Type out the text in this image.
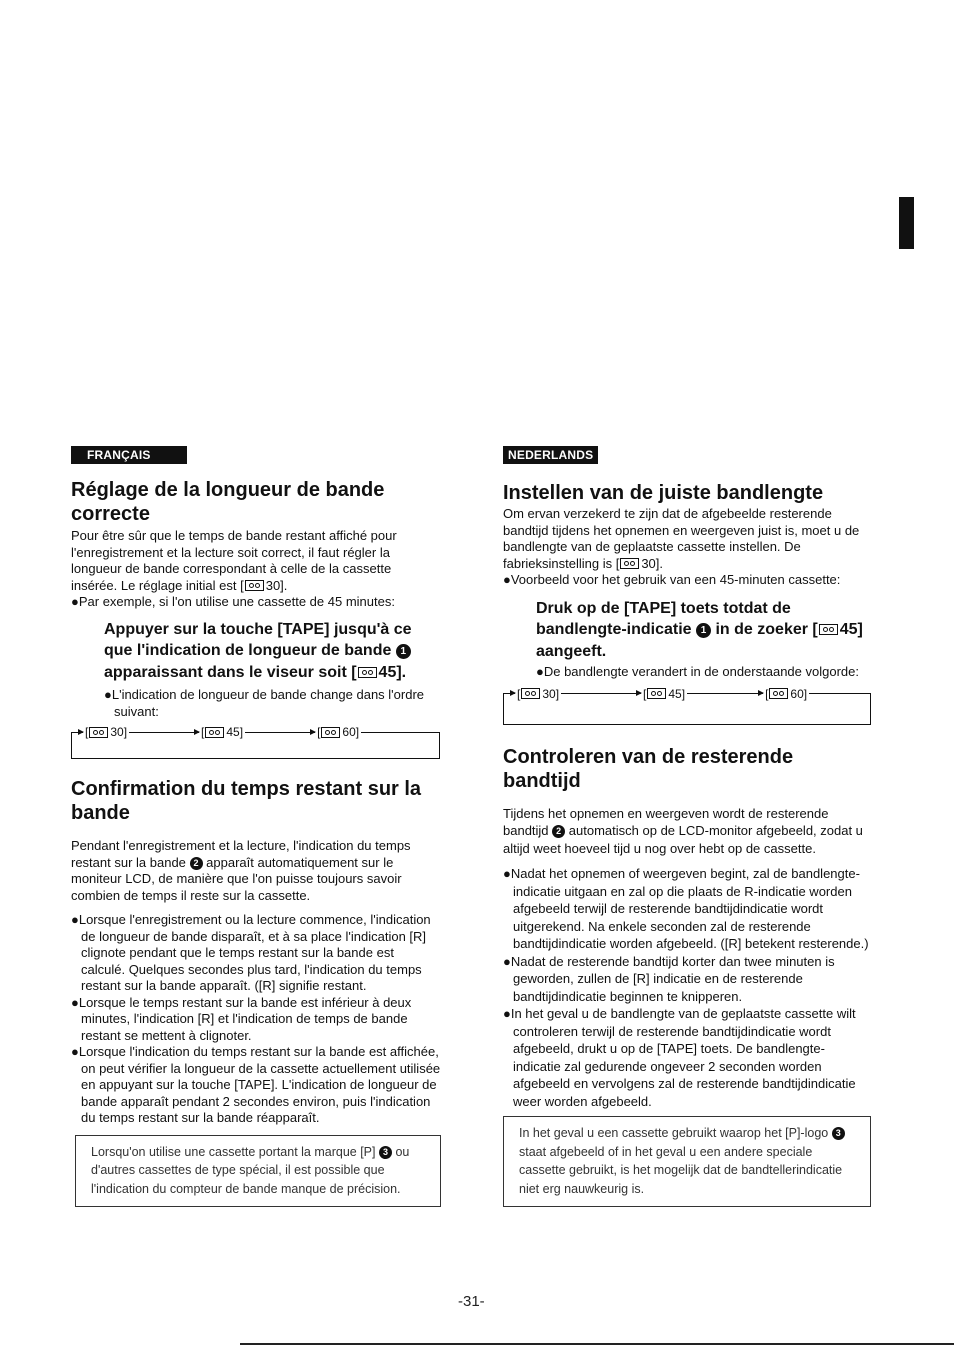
FRANÇAIS
Réglage de la longueur de bande correcte

Pour être sûr que le temps de bande restant affiché pour l'enregistrement et la lecture soit correct, il faut régler la longueur de bande correspondant à celle de la cassette insérée. Le réglage initial est [ 30].

●Par exemple, si l'on utilise une cassette de 45 minutes:

Appuyer sur la touche [TAPE] jusqu'à ce que l'indication de longueur de bande 1 apparaissant dans le viseur soit [ 45].

●L'indication de longueur de bande change dans l'ordre suivant:

[ 30]	[ 45]	[ 60]
Confirmation du temps restant sur la bande

Pendant l'enregistrement et la lecture, l'indication du temps restant sur la bande 2 apparaît automatiquement sur le moniteur LCD, de manière que l'on puisse toujours savoir combien de temps il reste sur la cassette.

●Lorsque l'enregistrement ou la lecture commence, l'indication de longueur de bande disparaît, et à sa place l'indication [R] clignote pendant que le temps restant sur la bande est calculé. Quelques secondes plus tard, l'indication du temps restant sur la bande apparaît. ([R] signifie restant.

●Lorsque le temps restant sur la bande est inférieur à deux minutes, l'indication [R] et l'indication de temps de bande restant se mettent à clignoter.

●Lorsque l'indication du temps restant sur la bande est affichée, on peut vérifier la longueur de la cassette actuellement utilisée en appuyant sur la touche [TAPE]. L'indication de longueur de bande apparaît pendant 2 secondes environ, puis l'indication du temps restant sur la bande réapparaît.

Lorsqu'on utilise une cassette portant la marque [P] 3 ou d'autres cassettes de type spécial, il est possible que l'indication du compteur de bande manque de précision.

NEDERLANDS
Instellen van de juiste bandlengte

Om ervan verzekerd te zijn dat de afgebeelde resterende bandtijd tijdens het opnemen en weergeven juist is, moet u de bandlengte van de geplaatste cassette instellen. De fabrieksinstelling is [ 30].

●Voorbeeld voor het gebruik van een 45-minuten cassette:

Druk op de [TAPE] toets totdat de bandlengte-indicatie 1 in de zoeker [ 45] aangeeft.

●De bandlengte verandert in de onderstaande volgorde:

[ 30]	[ 45]	[ 60]
Controleren van de resterende bandtijd

Tijdens het opnemen en weergeven wordt de resterende bandtijd 2 automatisch op de LCD-monitor afgebeeld, zodat u altijd weet hoeveel tijd u nog over hebt op de cassette.

●Nadat het opnemen of weergeven begint, zal de bandlengte-indicatie uitgaan en zal op die plaats de R-indicatie worden afgebeeld terwijl de resterende bandtijdindicatie wordt uitgerekend. Na enkele seconden zal de resterende bandtijdindicatie worden afgebeeld. ([R] betekent resterende.)

●Nadat de resterende bandtijd korter dan twee minuten is geworden, zullen de [R] indicatie en de resterende bandtijdindicatie beginnen te knipperen.

●In het geval u de bandlengte van de geplaatste cassette wilt controleren terwijl de resterende bandtijdindicatie wordt afgebeeld, drukt u op de [TAPE] toets. De bandlengte-indicatie zal gedurende ongeveer 2 seconden worden afgebeeld en vervolgens zal de resterende bandtijdindicatie weer worden afgebeeld.

In het geval u een cassette gebruikt waarop het [P]-logo 3 staat afgebeeld of in het geval u een andere speciale cassette gebruikt, is het mogelijk dat de bandtellerindicatie niet erg nauwkeurig is.

-31-
